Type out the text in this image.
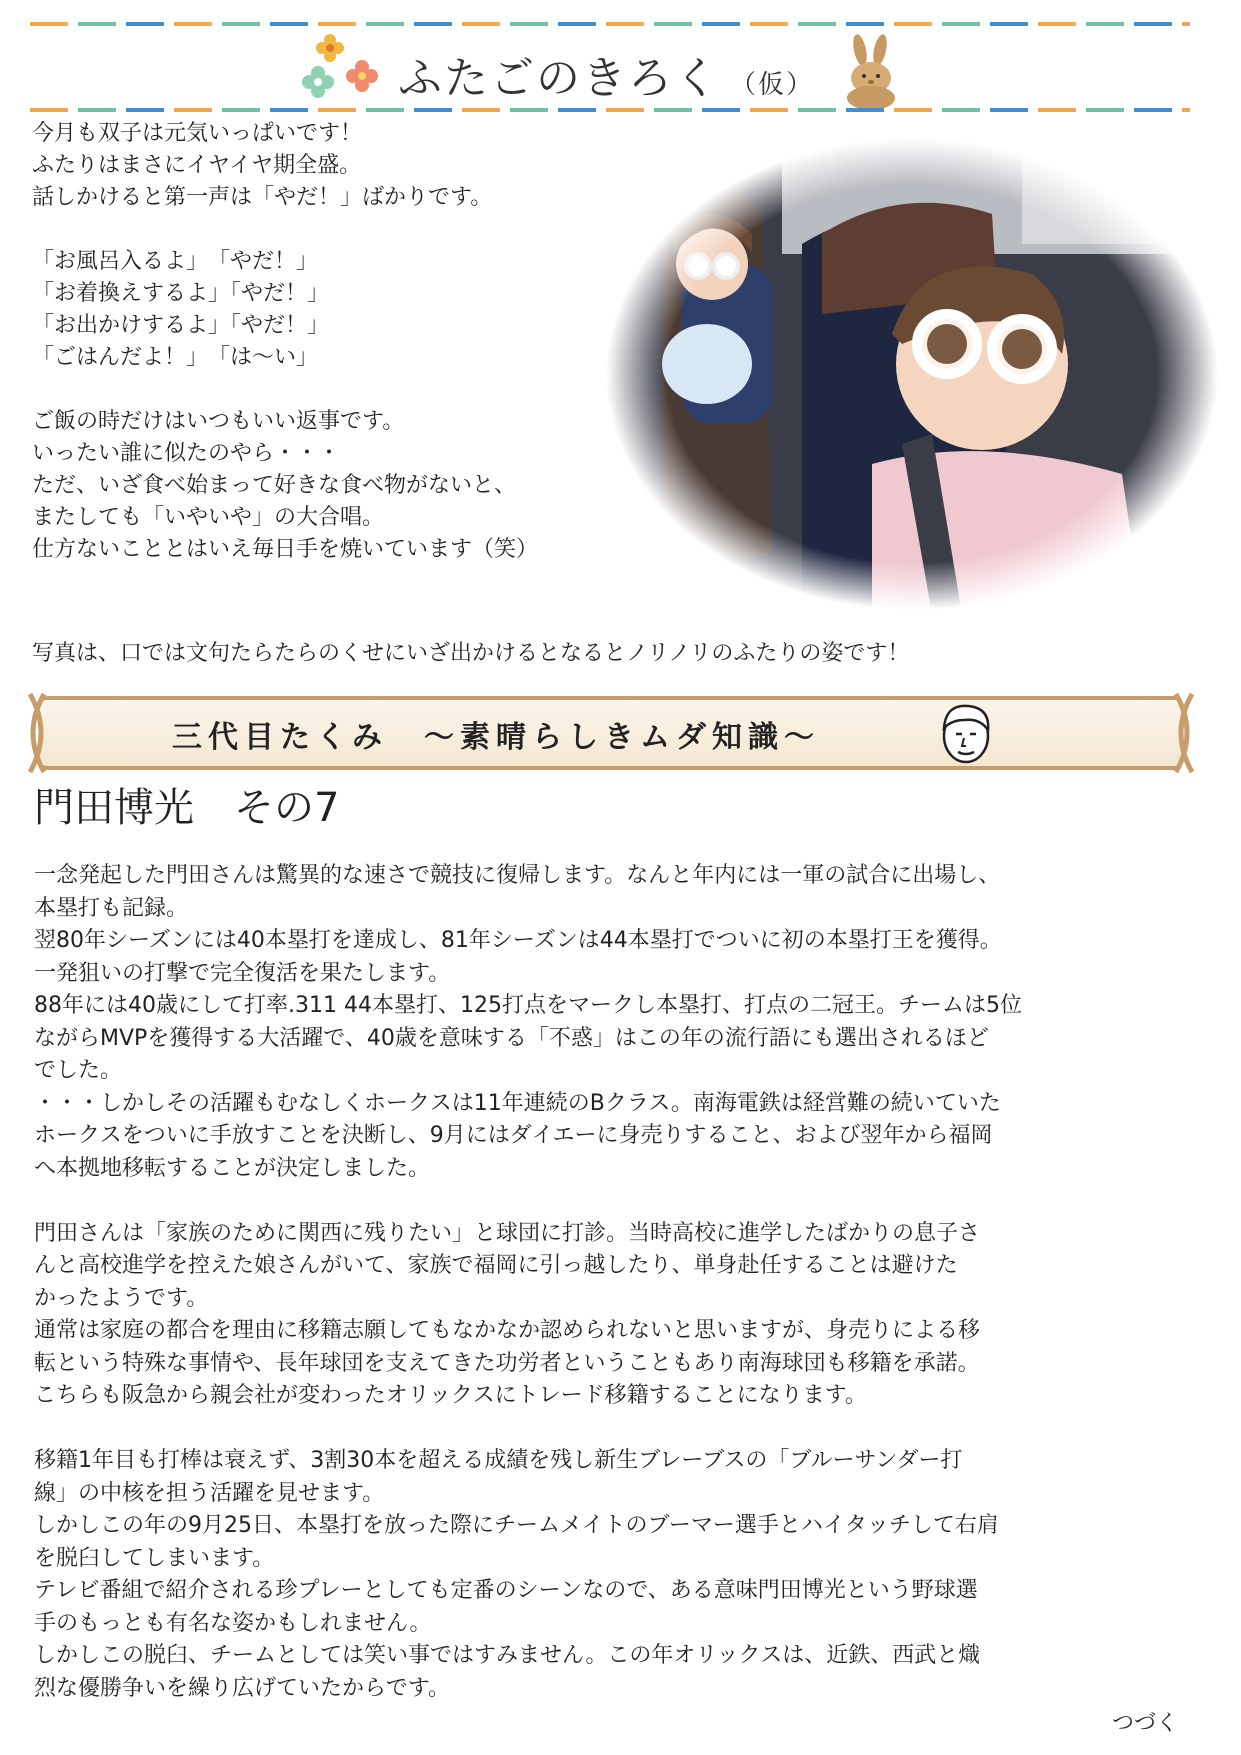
ふたごのきろく （仮）

今月も双子は元気いっぱいです！

ふたりはまさにイヤイヤ期全盛。

話しかけると第一声は「やだ！」ばかりです。

「お風呂入るよ」　「やだ！」

「お着換えするよ」「やだ！」

「お出かけするよ」「やだ！」

「ごはんだよ！」　「は～い」

ご飯の時だけはいつもいい返事です。

いったい誰に似たのやら・・・

ただ、いざ食べ始まって好きな食べ物がないと、

またしても「いやいや」の大合唱。

仕方ないこととはいえ毎日手を焼いています（笑）

写真は、口では文句たらたらのくせにいざ出かけるとなるとノリノリのふたりの姿です！
三代目たくみ　～素晴らしきムダ知識～
門田博光　その7

一念発起した門田さんは驚異的な速さで競技に復帰します。なんと年内には一軍の試合に出場し、

本塁打も記録。

翌80年シーズンには40本塁打を達成し、81年シーズンは44本塁打でついに初の本塁打王を獲得。

一発狙いの打撃で完全復活を果たします。

88年には40歳にして打率.311 44本塁打、125打点をマークし本塁打、打点の二冠王。チームは5位

ながらMVPを獲得する大活躍で、40歳を意味する「不惑」はこの年の流行語にも選出されるほど

でした。

・・・しかしその活躍もむなしくホークスは11年連続のBクラス。南海電鉄は経営難の続いていた

ホークスをついに手放すことを決断し、9月にはダイエーに身売りすること、および翌年から福岡

へ本拠地移転することが決定しました。

門田さんは「家族のために関西に残りたい」と球団に打診。当時高校に進学したばかりの息子さ

んと高校進学を控えた娘さんがいて、家族で福岡に引っ越したり、単身赴任することは避けた

かったようです。

通常は家庭の都合を理由に移籍志願してもなかなか認められないと思いますが、身売りによる移

転という特殊な事情や、長年球団を支えてきた功労者ということもあり南海球団も移籍を承諾。

こちらも阪急から親会社が変わったオリックスにトレード移籍することになります。

移籍1年目も打棒は衰えず、3割30本を超える成績を残し新生ブレーブスの「ブルーサンダー打

線」の中核を担う活躍を見せます。

しかしこの年の9月25日、本塁打を放った際にチームメイトのブーマー選手とハイタッチして右肩

を脱臼してしまいます。

テレビ番組で紹介される珍プレーとしても定番のシーンなので、ある意味門田博光という野球選

手のもっとも有名な姿かもしれません。

しかしこの脱臼、チームとしては笑い事ではすみません。この年オリックスは、近鉄、西武と熾

烈な優勝争いを繰り広げていたからです。

つづく
